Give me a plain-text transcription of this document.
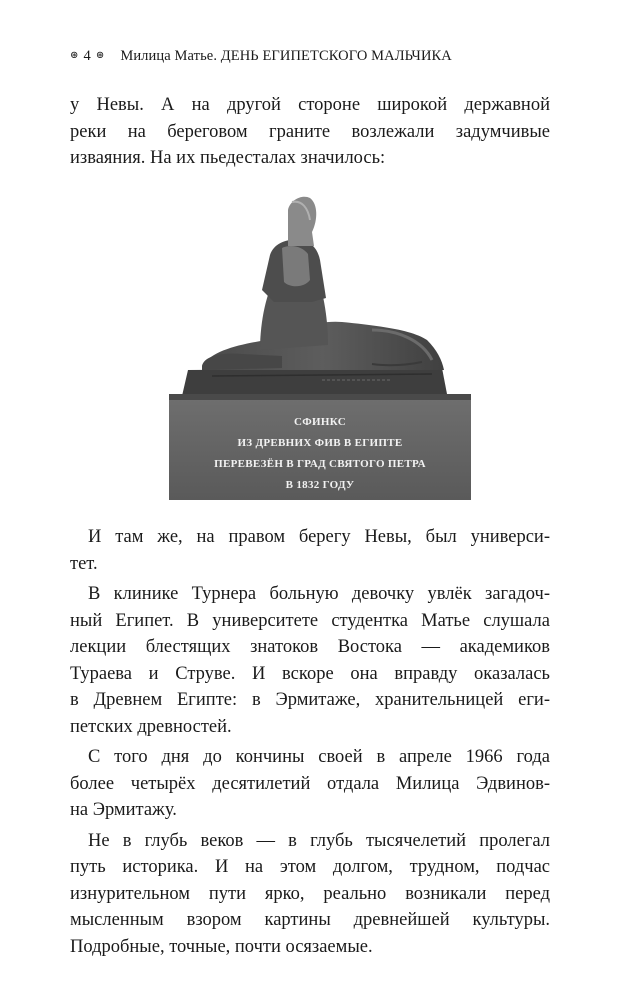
⊛ 4 ⊛ Милица Матье. ДЕНЬ ЕГИПЕТСКОГО МАЛЬЧИКА

у Невы. А на другой стороне широкой державной
реки на береговом граните возлежали задумчивые
изваяния. На их пьедесталах значилось:

СФИНКС
ИЗ ДРЕВНИХ ФИВ В ЕГИПТЕ
ПЕРЕВЕЗЁН В ГРАД СВЯТОГО ПЕТРА
В 1832 ГОДУ

И там же, на правом берегу Невы, был универси-
тет.

В клинике Турнера больную девочку увлёк загадоч-
ный Египет. В университете студентка Матье слушала
лекции блестящих знатоков Востока — академиков
Тураева и Струве. И вскоре она вправду оказалась
в Древнем Египте: в Эрмитаже, хранительницей еги-
петских древностей.

С того дня до кончины своей в апреле 1966 года
более четырёх десятилетий отдала Милица Эдвинов-
на Эрмитажу.

Не в глубь веков — в глубь тысячелетий пролегал
путь историка. И на этом долгом, трудном, подчас
изнурительном пути ярко, реально возникали перед
мысленным взором картины древнейшей культуры.
Подробные, точные, почти осязаемые.
